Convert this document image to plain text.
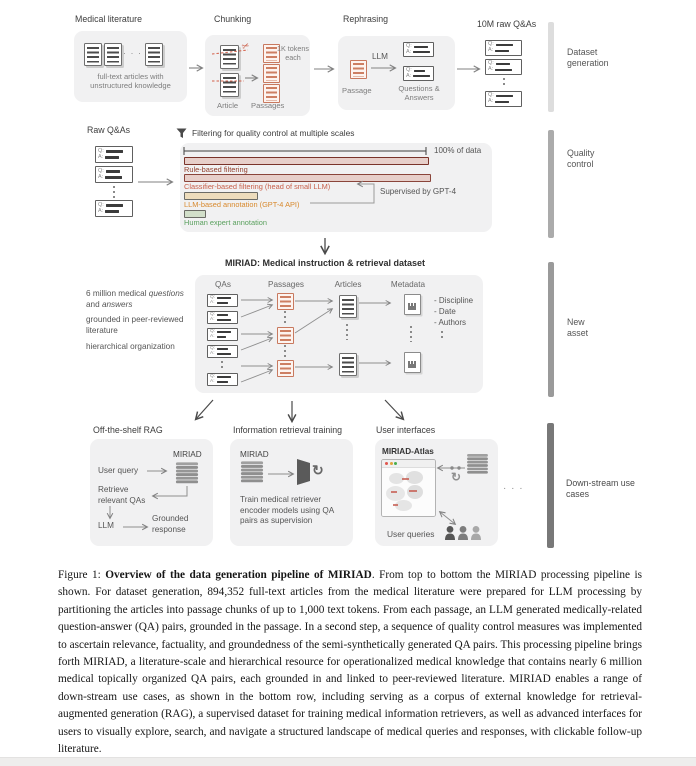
Medical literature
· · ·
full-text articles with unstructured knowledge
Chunking
✂	1K tokens each
Article Passages
Rephrasing
LLM
Q:
A:
Q:
A:
Passage	Questions & Answers
10M raw Q&As
Q:
A:
Q:
A:
Q:
A:
Dataset generation
Raw Q&As
Q:
A:
Q:
A:
Q:
A:
Filtering for quality control at multiple scales
100% of data
Rule-based filtering
Classifier-based filtering (head of small LLM)
LLM-based annotation (GPT-4 API)
Human expert annotation
Supervised by GPT-4
Quality control
MIRIAD: Medical instruction & retrieval dataset
6 million medical questions and answers
grounded in peer-reviewed literature
hierarchical organization
QAs	Passages	Articles	Metadata
Q:
A:
Q:
A:
Q:
A:
Q:
A:
Q:
A:
- Discipline
- Date
- Authors	New asset
Off-the-shelf RAG
MIRIAD
User query
Retrieve relevant QAs
LLM
Grounded response
Information retrieval training
MIRIAD
↻
Train medical retriever encoder models using QA pairs as supervision
User interfaces
MIRIAD-Atlas
↻
User queries
· · ·	Down-stream use cases
Figure 1: Overview of the data generation pipeline of MIRIAD. From top to bottom the MIRIAD processing pipeline is shown. For dataset generation, 894,352 full-text articles from the medical literature were prepared for LLM processing by partitioning the articles into passage chunks of up to 1,000 text tokens. From each passage, an LLM generated medically-related question-answer (QA) pairs, grounded in the passage. In a second step, a sequence of quality control measures was implemented to ascertain relevance, factuality, and groundedness of the semi-synthetically generated QA pairs. This processing pipeline brings forth MIRIAD, a literature-scale and hierarchical resource for operationalized medical knowledge that contains nearly 6 million medical topically organized QA pairs, each grounded in and linked to peer-reviewed literature. MIRIAD enables a range of down-stream use cases, as shown in the bottom row, including serving as a corpus of external knowledge for retrieval-augmented generation (RAG), a supervised dataset for training medical information retrievers, as well as advanced interfaces for users to visually explore, search, and navigate a structured landscape of medical queries and responses, with clickable follow-up literature.
